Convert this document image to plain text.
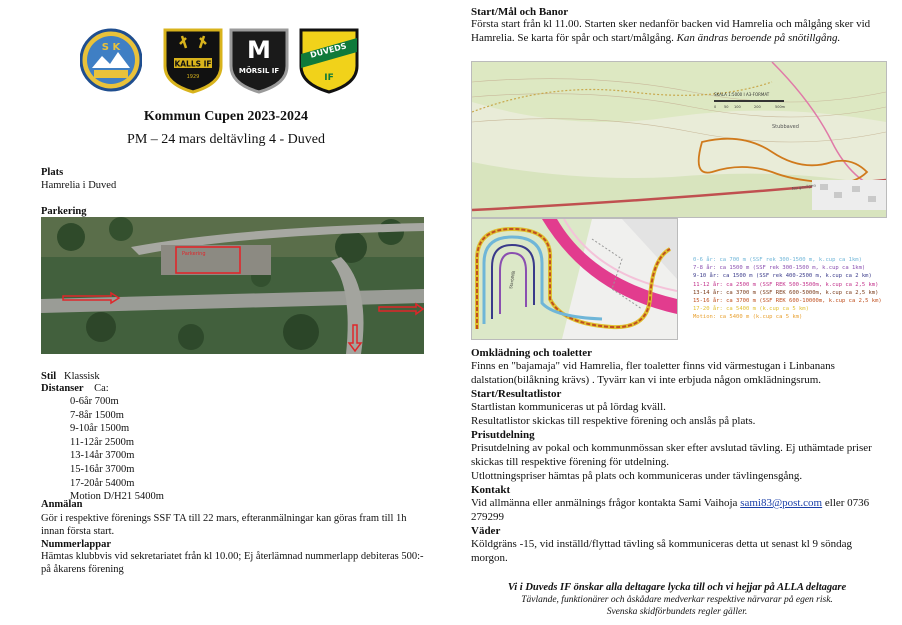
S K
KALLS IF
1929
M
MÖRSIL IF
DUVEDS
IF
Kommun Cupen 2023-2024
PM – 24 mars deltävling 4 - Duved
Plats
Hamrelia i Duved
Parkering
Parkering
Stil Klassisk
Distanser Ca:
0-6år 700m
7-8år 1500m
9-10år 1500m
11-12år 2500m
13-14år 3700m
15-16år 3700m
17-20år 5400m
Motion D/H21 5400m
Anmälan
Gör i respektive förenings SSF TA till 22 mars, efteranmälningar kan göras fram till 1h innan första start.
Nummerlappar
Hämtas klubbvis vid sekretariatet från kl 10.00; Ej återlämnad nummerlapp debiteras 500:- på åkarens förening
Start/Mål och Banor
Första start från kl 11.00. Starten sker nedanför backen vid Hamrelia och målgång sker vid Hamrelia. Se karta för spår och start/målgång. Kan ändras beroende på snötillgång.
SKALA 1:5000 I A3-FORMAT
0 50 100	200	500m
Stubbaved
Norgevägen
Start/Mål
0-6 år: ca 700 m (SSF rek 300-1500 m, k.cup ca 1km)
7-8 år: ca 1500 m (SSF rek 300-1500 m, k.cup ca 1km)
9-10 år: ca 1500 m (SSF rek 400-2500 m, k.cup ca 2 km)
11-12 år: ca 2500 m (SSF REK 500-3500m, k.cup ca 2,5 km)
13-14 år: ca 3700 m (SSF REK 600-5000m, k.cup ca 2,5 km)
15-16 år: ca 3700 m (SSF REK 600-10000m, k.cup ca 2,5 km)
17-20 år: ca 5400 m (k.cup ca 5 km)
Motion: ca 5400 m (k.cup ca 5 km)
Omklädning och toaletter
Finns en "bajamaja" vid Hamrelia, fler toaletter finns vid värmestugan i Linbanans dalstation(bilåkning krävs) . Tyvärr kan vi inte erbjuda någon omklädningsrum.
Start/Resultatlistor
Startlistan kommuniceras ut på lördag kväll.
Resultatlistor skickas till respektive förening och anslås på plats.
Prisutdelning
Prisutdelning av pokal och kommunmössan sker efter avslutad tävling. Ej uthämtade priser skickas till respektive förening för utdelning.
Utlottningspriser hämtas på plats och kommuniceras under tävlingensgång.
Kontakt
Vid allmänna eller anmälnings frågor kontakta Sami Vaihoja sami83@post.com eller 0736 279299
Väder
Köldgräns -15, vid inställd/flyttad tävling så kommuniceras detta ut senast kl 9 söndag morgon.
Vi i Duveds IF önskar alla deltagare lycka till och vi hejjar på ALLA deltagare
Tävlande, funktionärer och åskådare medverkar respektive närvarar på egen risk.
Svenska skidförbundets regler gäller.
